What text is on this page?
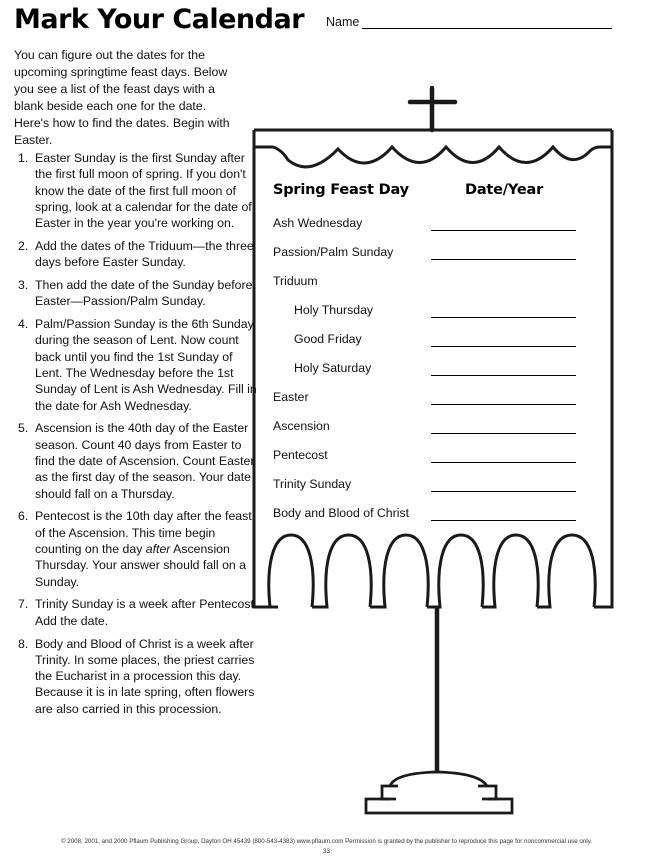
Mark Your Calendar Name
You can figure out the dates for the upcoming springtime feast days. Below you see a list of the feast days with a blank beside each one for the date. Here's how to find the dates. Begin with Easter.
1. Easter Sunday is the first Sunday after the first full moon of spring. If you don't know the date of the first full moon of spring, look at a calendar for the date of Easter in the year you're working on.
2. Add the dates of the Triduum—the three days before Easter Sunday.
3. Then add the date of the Sunday before Easter—Passion/Palm Sunday.
4. Palm/Passion Sunday is the 6th Sunday during the season of Lent. Now count back until you find the 1st Sunday of Lent. The Wednesday before the 1st Sunday of Lent is Ash Wednesday. Fill in the date for Ash Wednesday.
5. Ascension is the 40th day of the Easter season. Count 40 days from Easter to find the date of Ascension. Count Easter as the first day of the season. Your date should fall on a Thursday.
6. Pentecost is the 10th day after the feast of the Ascension. This time begin counting on the day after Ascension Thursday. Your answer should fall on a Sunday.
7. Trinity Sunday is a week after Pentecost. Add the date.
8. Body and Blood of Christ is a week after Trinity. In some places, the priest carries the Eucharist in a procession this day. Because it is in late spring, often flowers are also carried in this procession.
Spring Feast Day	Date/Year
Ash Wednesday
Passion/Palm Sunday
Triduum
Holy Thursday
Good Friday
Holy Saturday
Easter
Ascension
Pentecost
Trinity Sunday
Body and Blood of Christ
© 2008, 2001, and 2000 Pflaum Publishing Group, Dayton OH 45439 (800-543-4383) www.pflaum.com Permission is granted by the publisher to reproduce this page for noncommercial use only.
33
